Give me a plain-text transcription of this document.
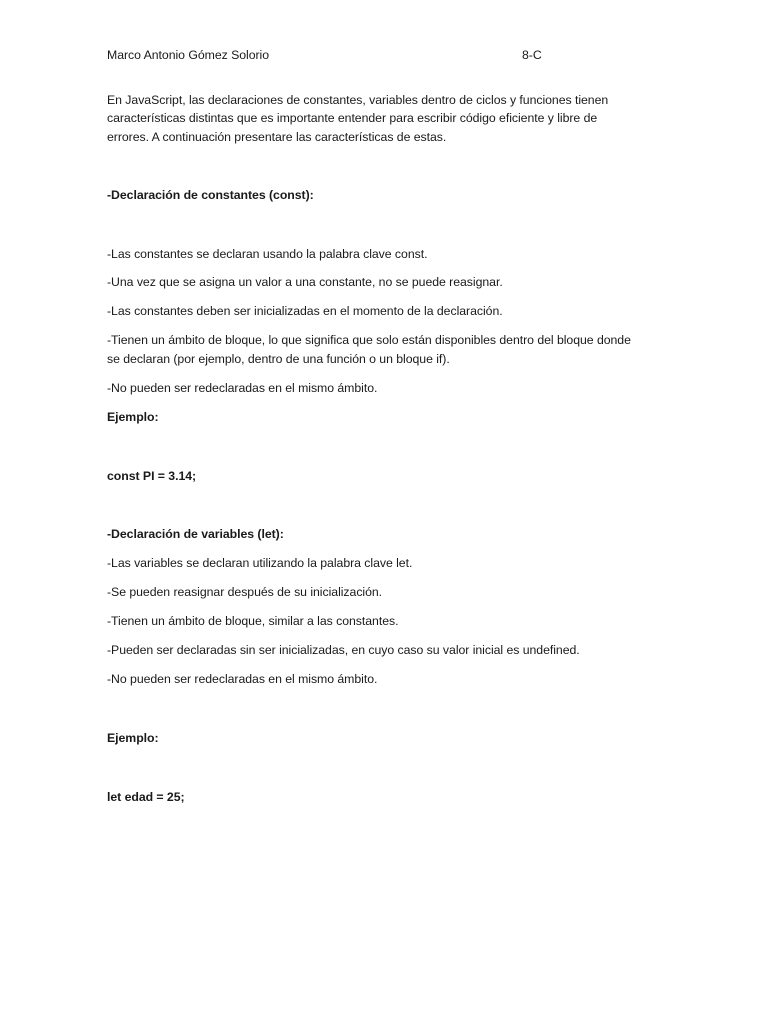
Marco Antonio Gómez Solorio	8-C
En JavaScript, las declaraciones de constantes, variables dentro de ciclos y funciones tienen
características distintas que es importante entender para escribir código eficiente y libre de
errores. A continuación presentare las características de estas.
-Declaración de constantes (const):
-Las constantes se declaran usando la palabra clave const.
-Una vez que se asigna un valor a una constante, no se puede reasignar.
-Las constantes deben ser inicializadas en el momento de la declaración.
-Tienen un ámbito de bloque, lo que significa que solo están disponibles dentro del bloque donde
se declaran (por ejemplo, dentro de una función o un bloque if).
-No pueden ser redeclaradas en el mismo ámbito.
Ejemplo:
const PI = 3.14;
-Declaración de variables (let):
-Las variables se declaran utilizando la palabra clave let.
-Se pueden reasignar después de su inicialización.
-Tienen un ámbito de bloque, similar a las constantes.
-Pueden ser declaradas sin ser inicializadas, en cuyo caso su valor inicial es undefined.
-No pueden ser redeclaradas en el mismo ámbito.
Ejemplo:
let edad = 25;
